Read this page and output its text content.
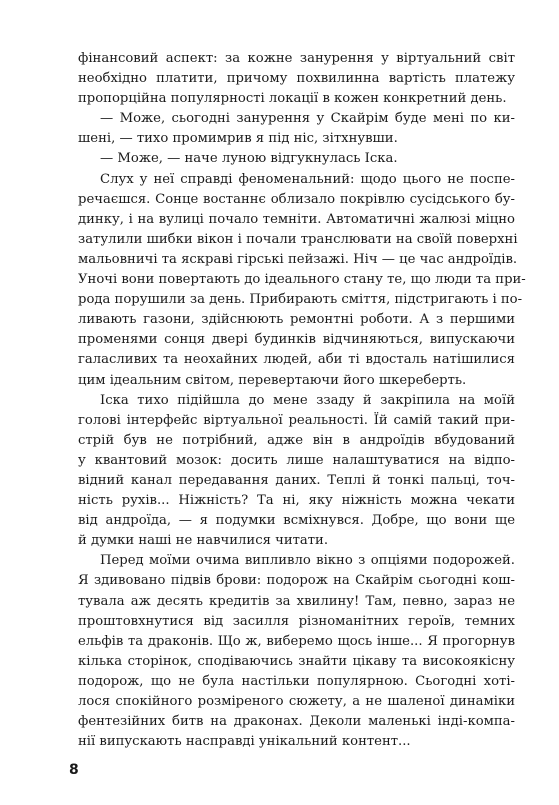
фінансовий аспект: за кожне занурення у віртуальний світ
необхідно платити, причому похвилинна вартість платежу
пропорційна популярності локації в кожен конкретний день.
— Може, сьогодні занурення у Скайрім буде мені по ки-
шені, — тихо промимрив я під ніс, зітхнувши.
— Може, — наче луною відгукнулась Іска.
Слух у неї справді феноменальний: щодо цього не поспе-
речаєшся. Сонце востаннє облизало покрівлю сусідського бу-
динку, і на вулиці почало темніти. Автоматичні жалюзі міцно
затулили шибки вікон і почали транслювати на своїй поверхні
мальовничі та яскраві гірські пейзажі. Ніч — це час андроїдів.
Уночі вони повертають до ідеального стану те, що люди та при-
рода порушили за день. Прибирають сміття, підстригають і по-
ливають газони, здійснюють ремонтні роботи. А з першими
променями сонця двері будинків відчиняються, випускаючи
галасливих та неохайних людей, аби ті вдосталь натішилися
цим ідеальним світом, перевертаючи його шкереберть.
Іска тихо підійшла до мене ззаду й закріпила на моїй
голові інтерфейс віртуальної реальності. Їй самій такий при-
стрій був не потрібний, адже він в андроїдів вбудований
у квантовий мозок: досить лише налаштуватися на відпо-
відний канал передавання даних. Теплі й тонкі пальці, точ-
ність рухів... Ніжність? Та ні, яку ніжність можна чекати
від андроїда, — я подумки всміхнувся. Добре, що вони ще
й думки наші не навчилися читати.
Перед моїми очима випливло вікно з опціями подорожей.
Я здивовано підвів брови: подорож на Скайрім сьогодні кош-
тувала аж десять кредитів за хвилину! Там, певно, зараз не
проштовхнутися від засилля різноманітних героїв, темних
ельфів та драконів. Що ж, виберемо щось інше... Я прогорнув
кілька сторінок, сподіваючись знайти цікаву та високоякісну
подорож, що не була настільки популярною. Сьогодні хоті-
лося спокійного розміреного сюжету, а не шаленої динаміки
фентезійних битв на драконах. Деколи маленькі інді-компа-
нії випускають насправді унікальний контент...
8
